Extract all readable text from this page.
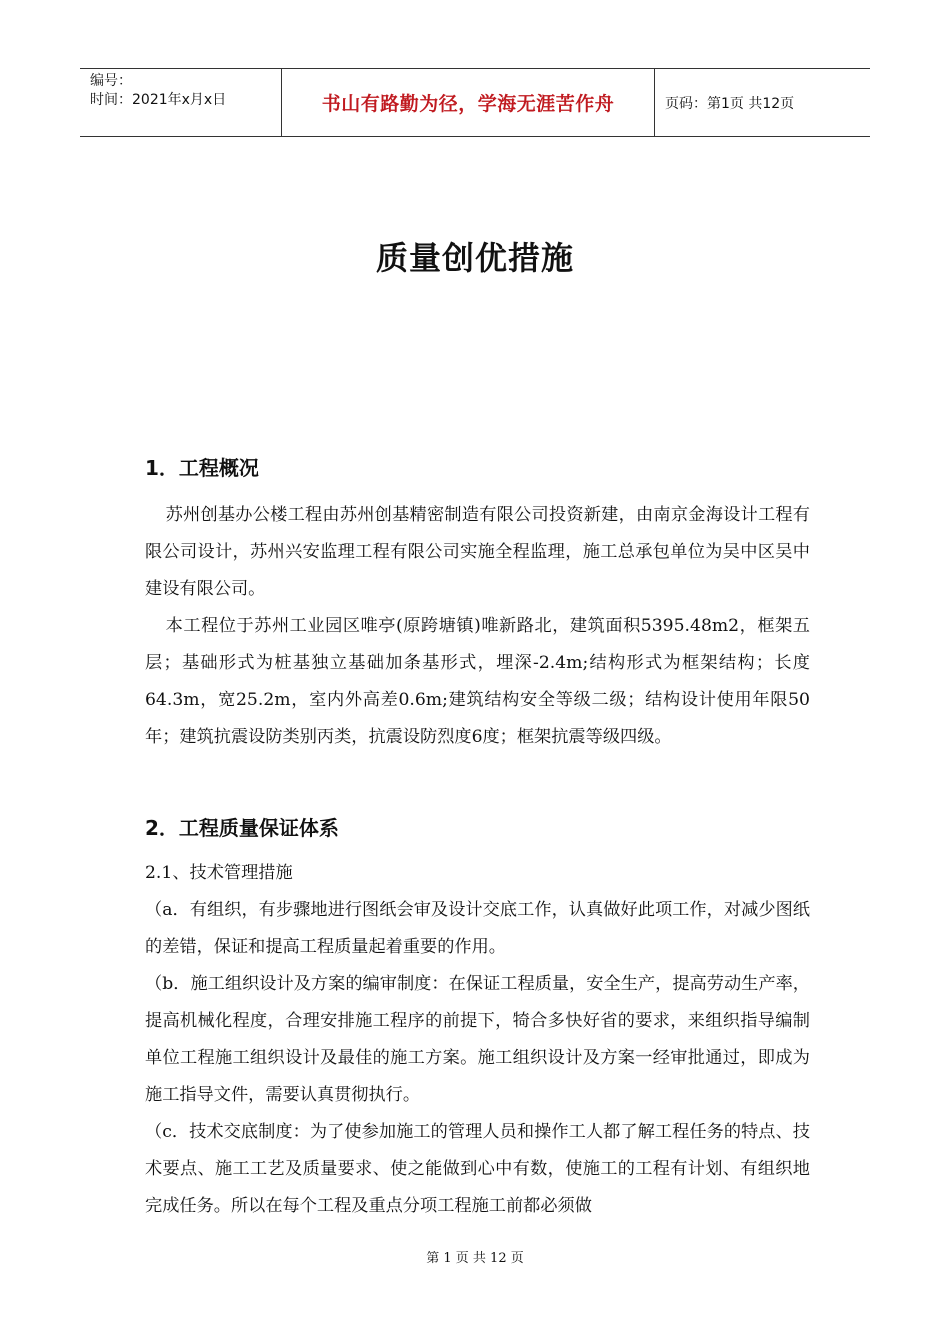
编号：
时间：2021年x月x日	书山有路勤为径，学海无涯苦作舟	页码：第1页 共12页
质量创优措施
1．工程概况

苏州创基办公楼工程由苏州创基精密制造有限公司投资新建，由南京金海设计工程有限公司设计，苏州兴安监理工程有限公司实施全程监理，施工总承包单位为吴中区吴中建设有限公司。

本工程位于苏州工业园区唯亭(原跨塘镇)唯新路北，建筑面积5395.48m2，框架五层；基础形式为桩基独立基础加条基形式，埋深-2.4m;结构形式为框架结构；长度64.3m，宽25.2m，室内外高差0.6m;建筑结构安全等级二级；结构设计使用年限50年；建筑抗震设防类别丙类，抗震设防烈度6度；框架抗震等级四级。

2．工程质量保证体系

2.1、技术管理措施

（a．有组织，有步骤地进行图纸会审及设计交底工作，认真做好此项工作，对减少图纸的差错，保证和提高工程质量起着重要的作用。

（b．施工组织设计及方案的编审制度：在保证工程质量，安全生产，提高劳动生产率，提高机械化程度，合理安排施工程序的前提下，犄合多快好省的要求，来组织指导编制单位工程施工组织设计及最佳的施工方案。施工组织设计及方案一经审批通过，即成为施工指导文件，需要认真贯彻执行。

（c．技术交底制度：为了使参加施工的管理人员和操作工人都了解工程任务的特点、技术要点、施工工艺及质量要求、使之能做到心中有数，使施工的工程有计划、有组织地完成任务。所以在每个工程及重点分项工程施工前都必须做

第 1 页 共 12 页
